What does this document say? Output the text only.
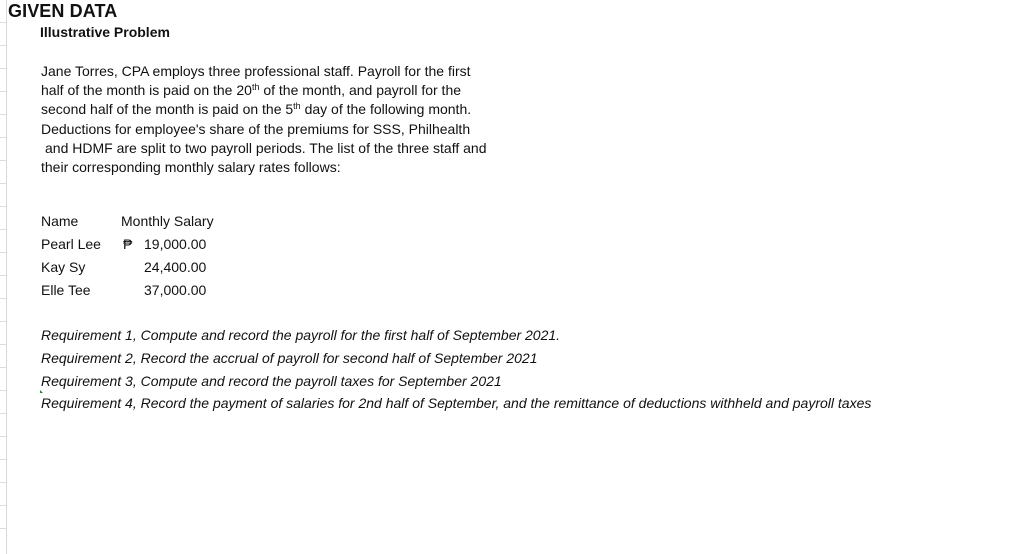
GIVEN DATA
Illustrative Problem
Jane Torres, CPA employs three professional staff. Payroll for the first
half of the month is paid on the 20th of the month, and payroll for the
second half of the month is paid on the 5th day of the following month.
Deductions for employee's share of the premiums for SSS, Philhealth
and HDMF are split to two payroll periods. The list of the three staff and
their corresponding monthly salary rates follows:
Name	Monthly Salary
Pearl Lee ₱ 19,000.00
Kay Sy	24,400.00
Elle Tee	37,000.00
Requirement 1, Compute and record the payroll for the first half of September 2021.
Requirement 2, Record the accrual of payroll for second half of September 2021
Requirement 3, Compute and record the payroll taxes for September 2021
Requirement 4, Record the payment of salaries for 2nd half of September, and the remittance of deductions withheld and payroll taxes
